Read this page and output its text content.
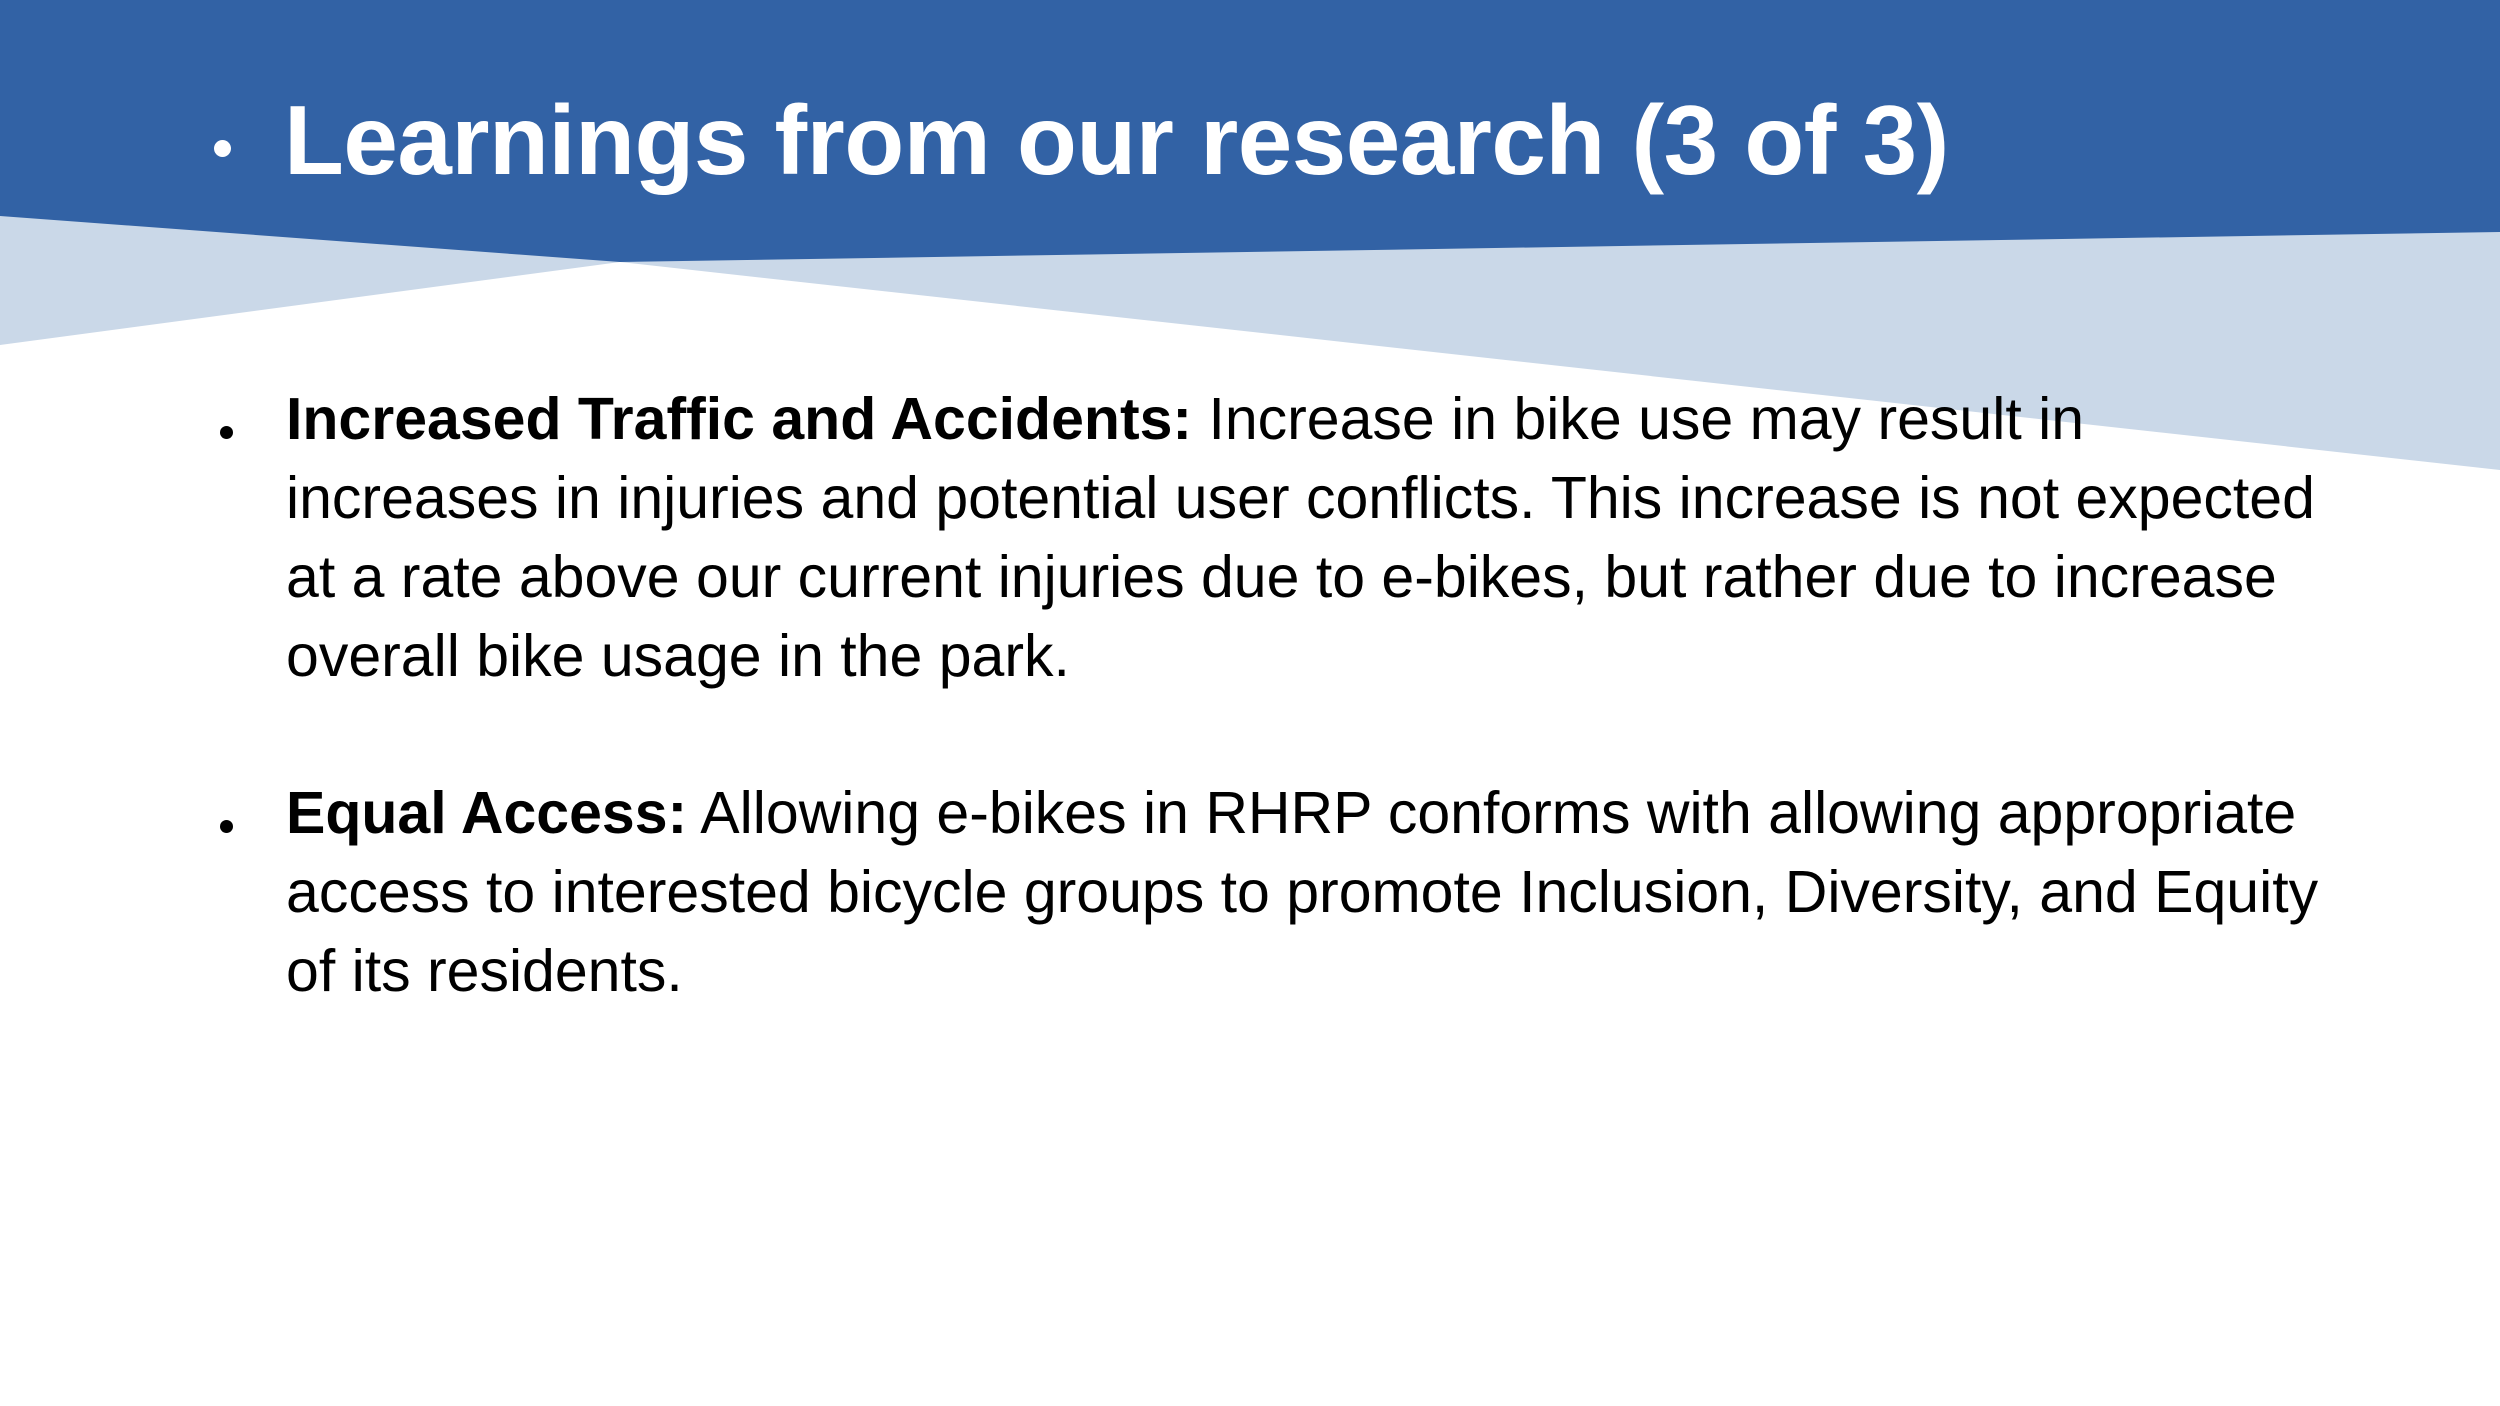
Learnings from our research (3 of 3)

Increased Traffic and Accidents: Increase in bike use may result in increases in injuries and potential user conflicts. This increase is not expected at a rate above our current injuries due to e-bikes, but rather due to increase overall bike usage in the park.

Equal Access: Allowing e-bikes in RHRP conforms with allowing appropriate access to interested bicycle groups to promote Inclusion, Diversity, and Equity of its residents.
